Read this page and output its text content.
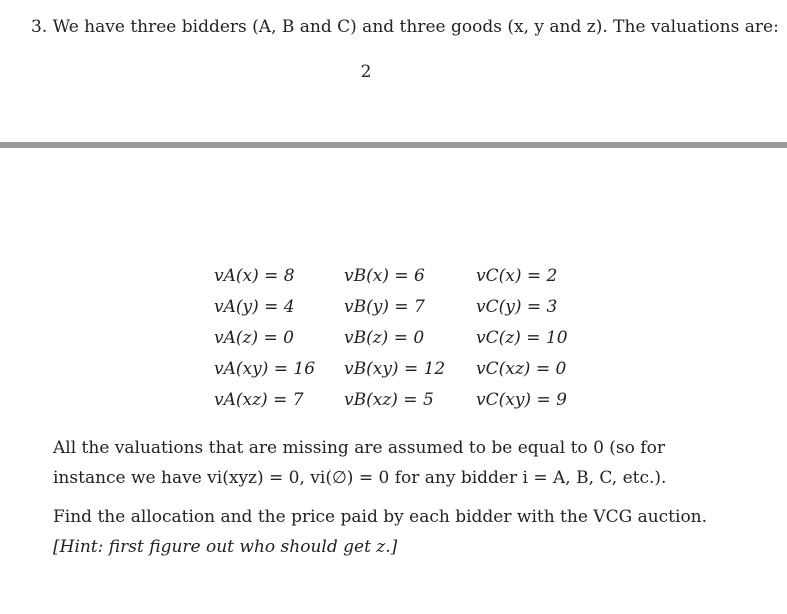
3. We have three bidders (A, B and C) and three goods (x, y and z). The valuations are:
2
vA(x) = 8
vA(y) = 4
vA(z) = 0
vA(xy) = 16
vA(xz) = 7
vB(x) = 6
vB(y) = 7
vB(z) = 0
vB(xy) = 12
vB(xz) = 5
vC(x) = 2
vC(y) = 3
vC(z) = 10
vC(xz) = 0
vC(xy) = 9
All the valuations that are missing are assumed to be equal to 0 (so for instance we have vi(xyz) = 0, vi(∅) = 0 for any bidder i = A, B, C, etc.).
Find the allocation and the price paid by each bidder with the VCG auction. [Hint: first figure out who should get z.]
